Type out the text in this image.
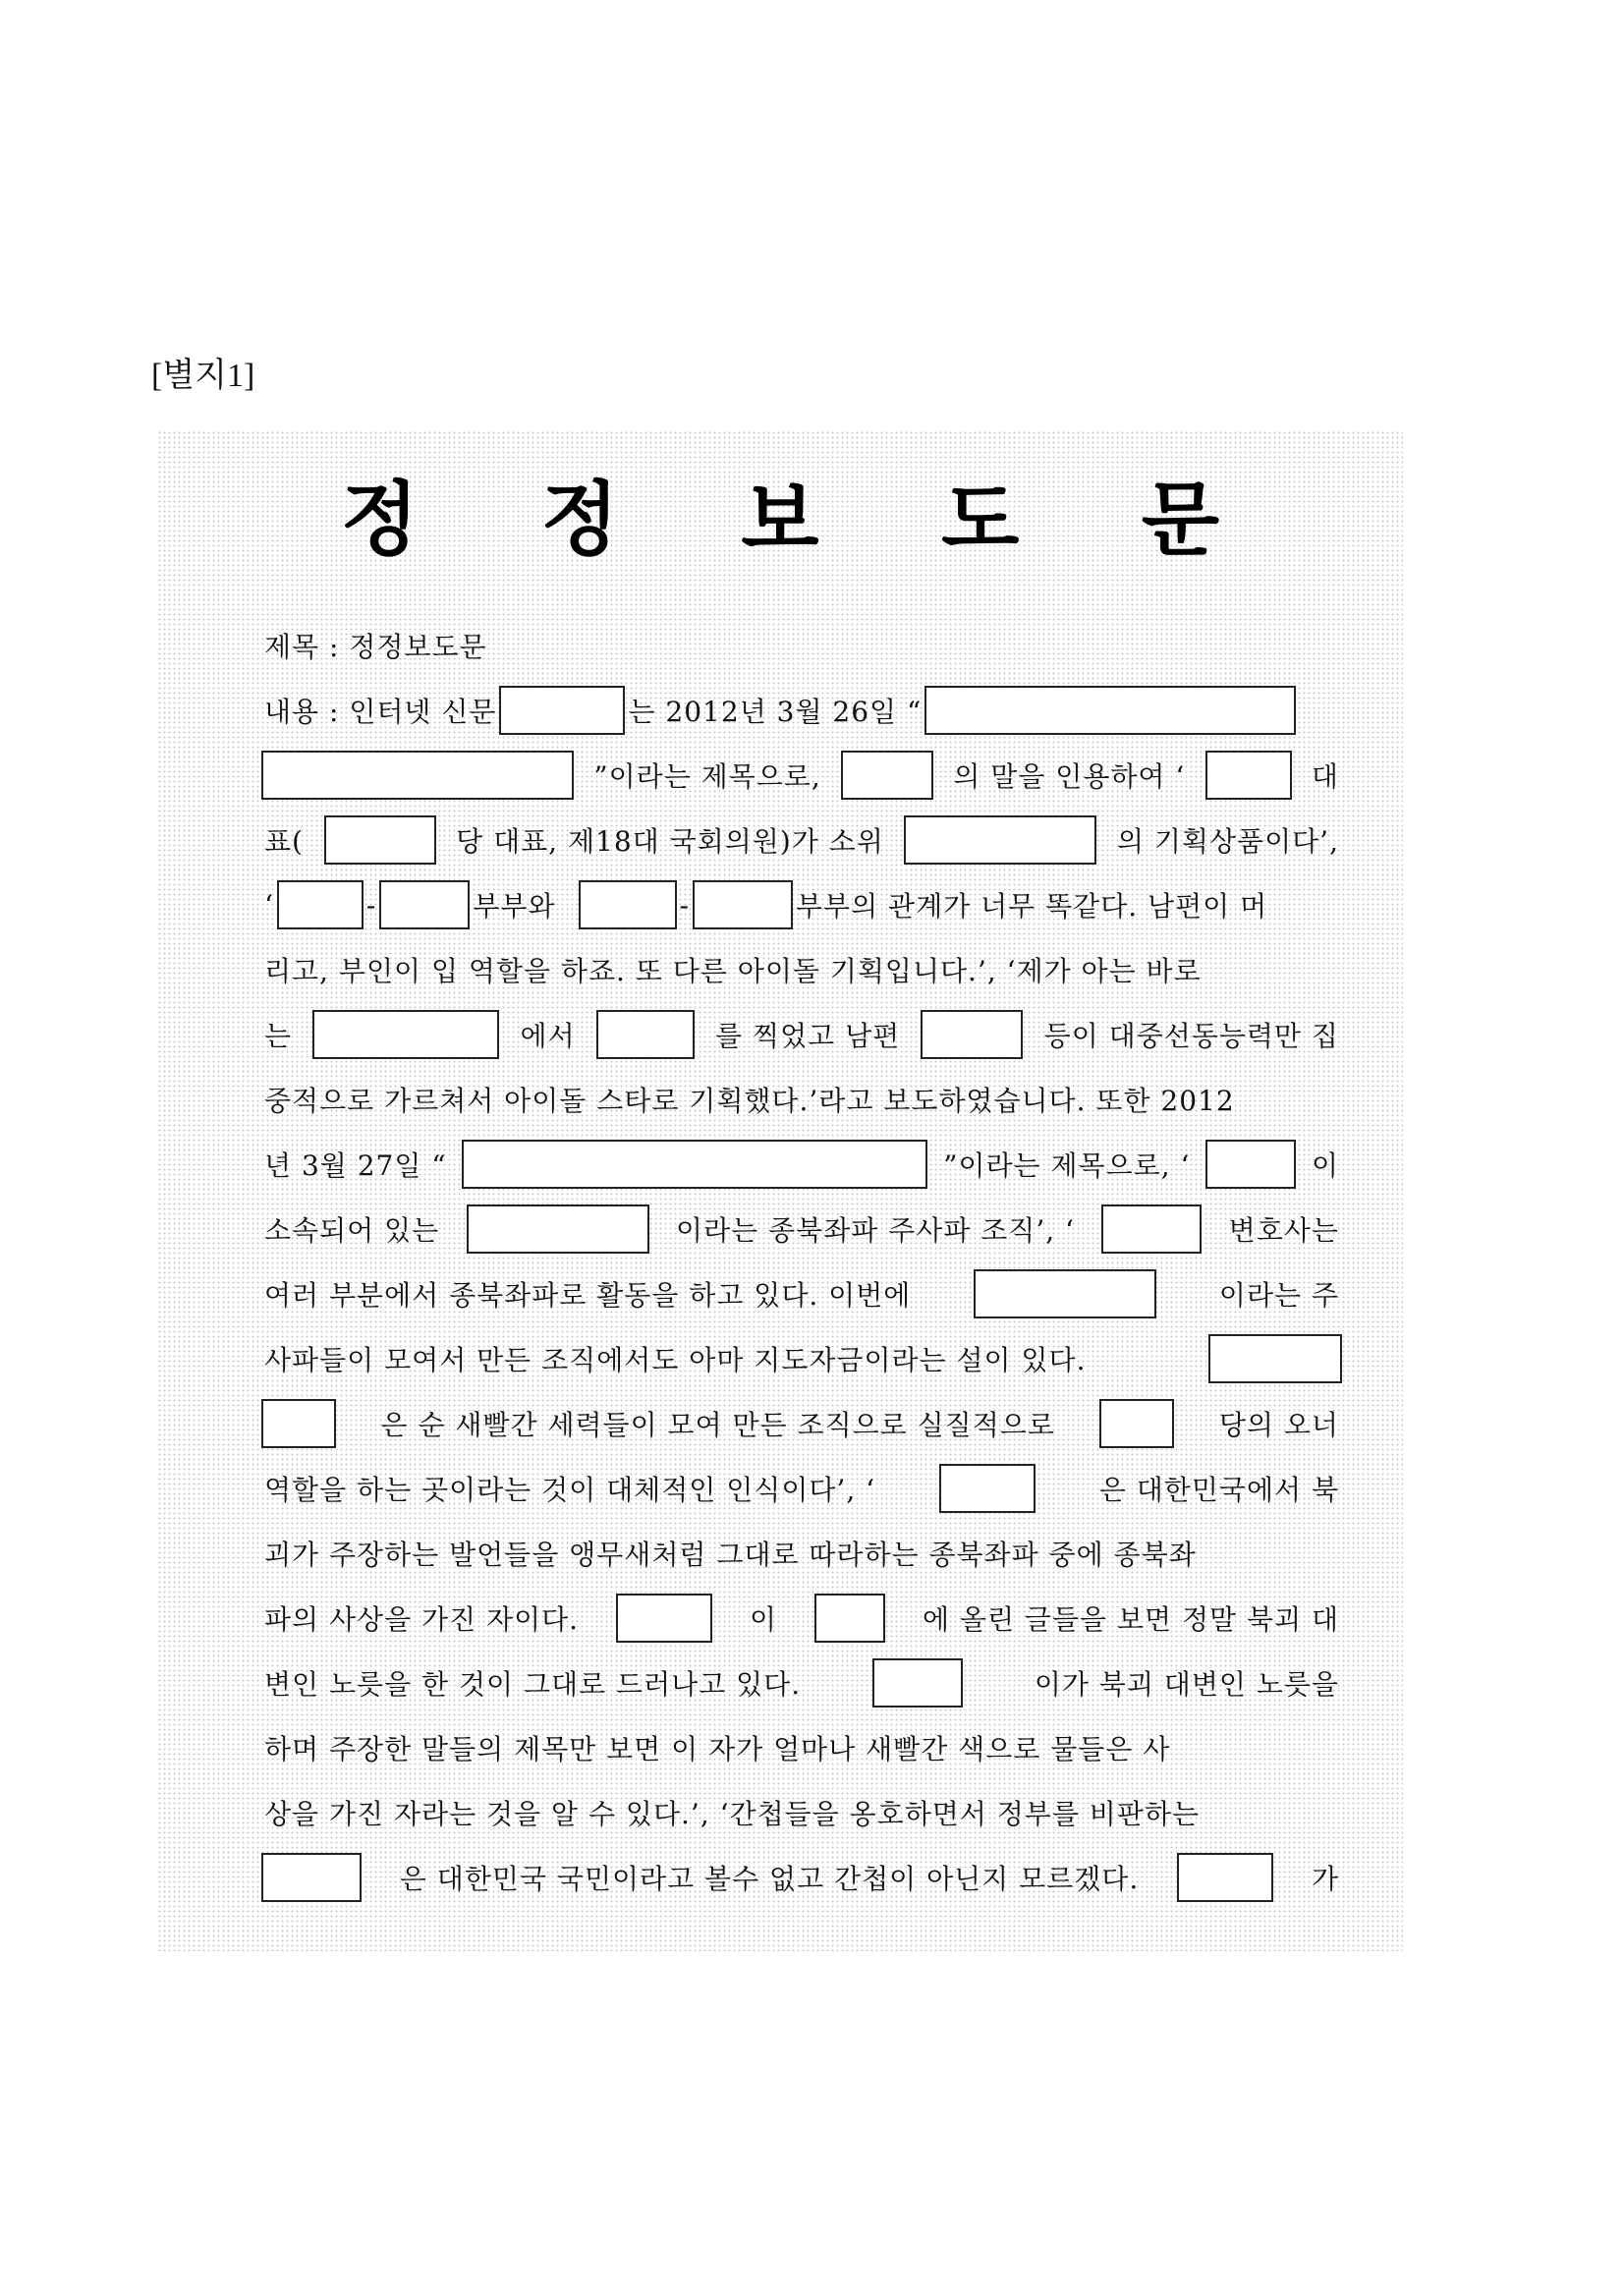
[별지1]
정 정 보 도 문
제목 : 정정보도문
내용 : 인터넷 신문	는 2012년 3월 26일 “
”이라는 제목으로,	의 말을 인용하여 ‘	대
표(	당 대표, 제18대 국회의원)가 소위	의 기획상품이다’,
‘	-	부부와	-	부부의 관계가 너무 똑같다. 남편이 머
리고, 부인이 입 역할을 하죠. 또 다른 아이돌 기획입니다.’, ‘제가 아는 바로
는	에서	를 찍었고 남편	등이 대중선동능력만 집
중적으로 가르쳐서 아이돌 스타로 기획했다.’라고 보도하였습니다. 또한 2012
년 3월 27일 “	”이라는 제목으로, ‘	이
소속되어 있는	이라는 종북좌파 주사파 조직’, ‘	변호사는
여러 부분에서 종북좌파로 활동을 하고 있다. 이번에	이라는 주
사파들이 모여서 만든 조직에서도 아마 지도자금이라는 설이 있다.
은 순 새빨간 세력들이 모여 만든 조직으로 실질적으로	당의 오너
역할을 하는 곳이라는 것이 대체적인 인식이다’, ‘	은 대한민국에서 북
괴가 주장하는 발언들을 앵무새처럼 그대로 따라하는 종북좌파 중에 종북좌
파의 사상을 가진 자이다.	이	에 올린 글들을 보면 정말 북괴 대
변인 노릇을 한 것이 그대로 드러나고 있다.	이가 북괴 대변인 노릇을
하며 주장한 말들의 제목만 보면 이 자가 얼마나 새빨간 색으로 물들은 사
상을 가진 자라는 것을 알 수 있다.’, ‘간첩들을 옹호하면서 정부를 비판하는
은 대한민국 국민이라고 볼수 없고 간첩이 아닌지 모르겠다.	가
